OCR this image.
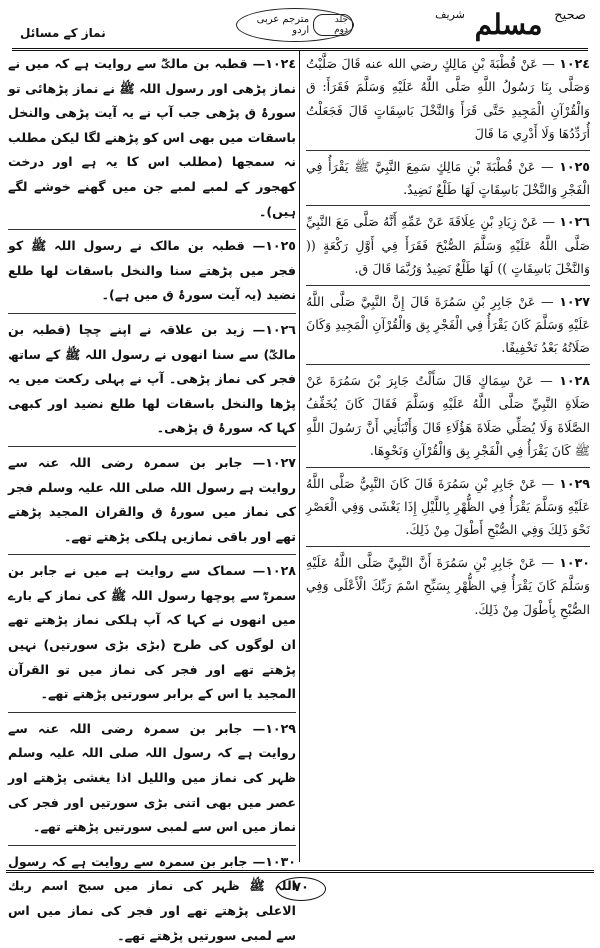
$^{صحیح}$ مسلم $^{شریف}$
جلد دوم
مترجم عربی اردو
نماز کے مسائل
١٠٢٤ — عَنْ قُطْبَةَ بْنِ مَالِكٍ رضي الله عنه قَالَ صَلَّيْتُ وَصَلَّى بِنَا رَسُولُ اللَّهِ صَلَّى اللَّهُ عَلَيْهِ وَسَلَّمَ فَقَرَأَ: ق وَالْقُرْآنِ الْمَجِيدِ حَتَّى قَرَأَ وَالنَّخْلَ بَاسِقَاتٍ قَالَ فَجَعَلْتُ أُرَدِّدُهَا وَلَا أَدْرِي مَا قَالَ
١٠٢٥ — عَنْ قُطْبَةَ بْنِ مَالِكٍ سَمِعَ النَّبِيَّ ﷺ يَقْرَأُ فِي الْفَجْرِ وَالنَّخْلَ بَاسِقَاتٍ لَهَا طَلْعٌ نَضِيدٌ.
١٠٢٦ — عَنْ زِيَادِ بْنِ عِلَاقَةَ عَنْ عَمِّهِ أَنَّهُ صَلَّى مَعَ النَّبِيِّ صَلَّى اللَّهُ عَلَيْهِ وَسَلَّمَ الصُّبْحَ فَقَرَأَ فِي أَوَّلِ رَكْعَةٍ (( وَالنَّخْلَ بَاسِقَاتٍ )) لَهَا طَلْعٌ نَضِيدٌ وَرُبَّمَا قَالَ ق.
١٠٢٧ — عَنْ جَابِرِ بْنِ سَمُرَةَ قَالَ إِنَّ النَّبِيَّ صَلَّى اللَّهُ عَلَيْهِ وَسَلَّمَ كَانَ يَقْرَأُ فِي الْفَجْرِ بِق وَالْقُرْآنِ الْمَجِيدِ وَكَانَ صَلَاتُهُ بَعْدُ تَخْفِيفًا.
١٠٢٨ — عَنْ سِمَاكٍ قَالَ سَأَلْتُ جَابِرَ بْنَ سَمُرَةَ عَنْ صَلَاةِ النَّبِيِّ صَلَّى اللَّهُ عَلَيْهِ وَسَلَّمَ فَقَالَ كَانَ يُخَفِّفُ الصَّلَاةَ وَلَا يُصَلِّي صَلَاةَ هَؤُلَاءِ قَالَ وَأَنْبَأَنِي أَنَّ رَسُولَ اللَّهِ ﷺ كَانَ يَقْرَأُ فِي الْفَجْرِ بِق وَالْقُرْآنِ وَنَحْوِهَا.
١٠٢٩ — عَنْ جَابِرِ بْنِ سَمُرَةَ قَالَ كَانَ النَّبِيُّ صَلَّى اللَّهُ عَلَيْهِ وَسَلَّمَ يَقْرَأُ فِي الظُّهْرِ بِاللَّيْلِ إِذَا يَغْشَى وَفِي الْعَصْرِ نَحْوَ ذَلِكَ وَفِي الصُّبْحِ أَطْوَلَ مِنْ ذَلِكَ.
١٠٣٠ — عَنْ جَابِرِ بْنِ سَمُرَةَ أَنَّ النَّبِيَّ صَلَّى اللَّهُ عَلَيْهِ وَسَلَّمَ كَانَ يَقْرَأُ فِي الظُّهْرِ بِسَبِّحِ اسْمَ رَبِّكَ الْأَعْلَى وَفِي الصُّبْحِ بِأَطْوَلَ مِنْ ذَلِكَ.
١٠٢٤— قطبہ بن مالکؓ سے روایت ہے کہ میں نے نماز پڑھی اور رسول اللہ ﷺ نے نماز پڑھائی تو سورۂ ق پڑھی جب آپ نے یہ آیت پڑھی والنخل باسقات میں بھی اس کو پڑھنے لگا لیکن مطلب نہ سمجھا (مطلب اس کا یہ ہے اور درخت کھجور کے لمبے لمبے جن میں گھنے خوشے لگے ہیں)۔
١٠٢٥— قطبہ بن مالک نے رسول اللہ ﷺ کو فجر میں پڑھتے سنا والنخل باسقات لها طلع نضيد (یہ آیت سورۂ ق میں ہے)۔
١٠٢٦— زید بن علاقہ نے اپنے چچا (قطبہ بن مالکؓ) سے سنا انھوں نے رسول اللہ ﷺ کے ساتھ فجر کی نماز پڑھی۔ آپ نے پہلی رکعت میں یہ پڑھا والنخل باسقات لها طلع نضيد اور کبھی کہا کہ سورۂ ق پڑھی۔
١٠٢٧— جابر بن سمرہ رضی اللہ عنہ سے روایت ہے رسول اللہ صلی اللہ علیہ وسلم فجر کی نماز میں سورۂ ق والقران المجید پڑھتے تھے اور باقی نمازیں ہلکی پڑھتے تھے۔
١٠٢٨— سماک سے روایت ہے میں نے جابر بن سمرہؓ سے پوچھا رسول اللہ ﷺ کی نماز کے بارے میں انھوں نے کہا کہ آپ ہلکی نماز پڑھتے تھے ان لوگوں کی طرح (بڑی بڑی سورتیں) نہیں پڑھتے تھے اور فجر کی نماز میں تو القرآن المجید یا اس کے برابر سورتیں پڑھتے تھے۔
١٠٢٩— جابر بن سمرہ رضی اللہ عنہ سے روایت ہے کہ رسول اللہ صلی اللہ علیہ وسلم ظہر کی نماز میں والليل اذا يغشى پڑھتے اور عصر میں بھی اتنی بڑی سورتیں اور فجر کی نماز میں اس سے لمبی سورتیں پڑھتے تھے۔
١٠٣٠— جابر بن سمرہ سے روایت ہے کہ رسول اللہ ﷺ ظہر کی نماز میں سبح اسم ربك الاعلى پڑھتے تھے اور فجر کی نماز میں اس سے لمبی سورتیں پڑھتے تھے۔
٧٠
